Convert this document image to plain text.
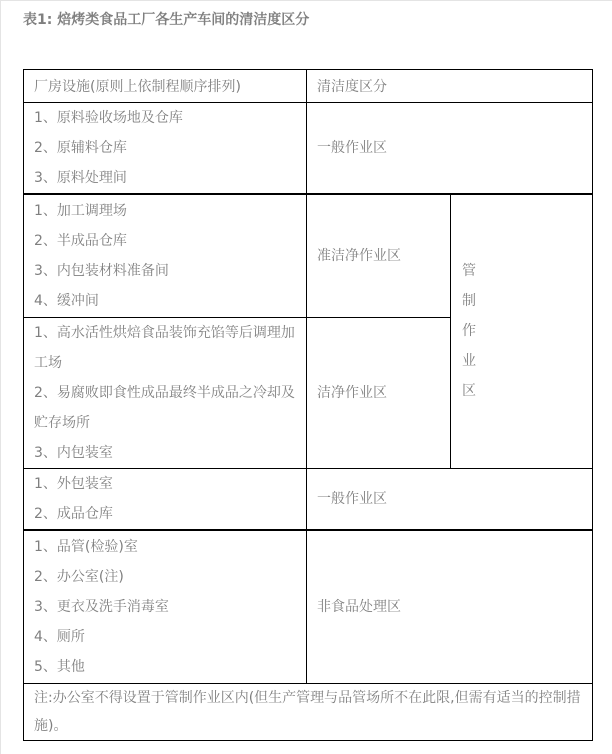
表1: 焙烤类食品工厂各生产车间的清洁度区分
厂房设施(原则上依制程顺序排列)	清洁度区分	

1、原料验收场地及仓库

2、原辅料仓库

3、原料处理间	一般作业区	

1、加工调理场

2、半成品仓库

3、内包装材料准备间

4、缓冲间	准洁净作业区	管制作业区

1、高水活性烘焙食品装饰充馅等后调理加工场

2、易腐败即食性成品最终半成品之冷却及贮存场所

3、内包装室	洁净作业区	

1、外包装室

2、成品仓库	一般作业区	

1、品管(检验)室

2、办公室(注)

3、更衣及洗手消毒室

4、厕所

5、其他	非食品处理区	
注:办公室不得设置于管制作业区内(但生产管理与品管场所不在此限,但需有适当的控制措施)。		
